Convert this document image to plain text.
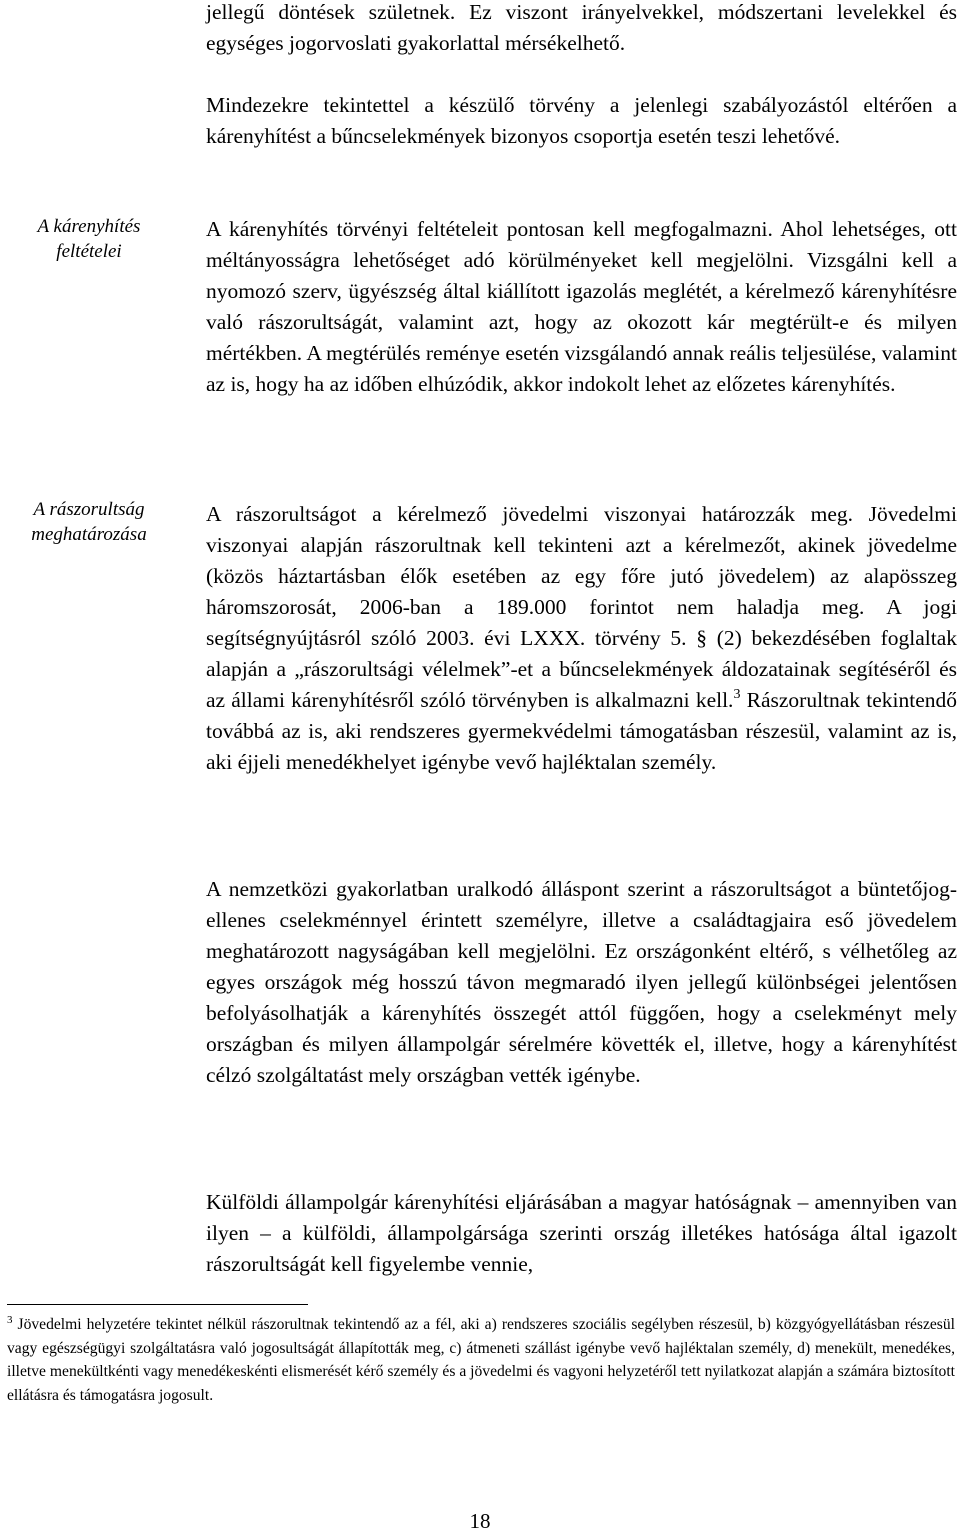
jellegű döntések születnek. Ez viszont irányelvekkel, módszertani levelekkel és egységes jogorvoslati gyakorlattal mérsékelhető.

Mindezekre tekintettel a készülő törvény a jelenlegi szabályozástól eltérően a kárenyhítést a bűncselekmények bizonyos csoportja esetén teszi lehetővé.

A kárenyhítés
feltételei

A kárenyhítés törvényi feltételeit pontosan kell megfogalmazni. Ahol lehetséges, ott méltányosságra lehetőséget adó körülményeket kell megjelölni. Vizsgálni kell a nyomozó szerv, ügyészség által kiállított igazolás meglétét, a kérelmező kárenyhítésre való rászorultságát, valamint azt, hogy az okozott kár megtérült-e és milyen mértékben. A megtérülés reménye esetén vizsgálandó annak reális teljesülése, valamint az is, hogy ha az időben elhúzódik, akkor indokolt lehet az előzetes kárenyhítés.

A rászorultság
meghatározása

A rászorultságot a kérelmező jövedelmi viszonyai határozzák meg. Jövedelmi viszonyai alapján rászorultnak kell tekinteni azt a kérelmezőt, akinek jövedelme (közös háztartásban élők esetében az egy főre jutó jövedelem) az alapösszeg háromszorosát, 2006-ban a 189.000 forintot nem haladja meg. A jogi segítségnyújtásról szóló 2003. évi LXXX. törvény 5. § (2) bekezdésében foglaltak alapján a „rászorultsági vélelmek”-et a bűncselekmények áldozatainak segítéséről és az állami kárenyhítésről szóló törvényben is alkalmazni kell.$^3$ Rászorultnak tekintendő továbbá az is, aki rendszeres gyermekvédelmi támogatásban részesül, valamint az is, aki éjjeli menedékhelyet igénybe vevő hajléktalan személy.

A nemzetközi gyakorlatban uralkodó álláspont szerint a rászorultságot a büntetőjog-ellenes cselekménnyel érintett személyre, illetve a családtagjaira eső jövedelem meghatározott nagyságában kell megjelölni. Ez országonként eltérő, s vélhetőleg az egyes országok még hosszú távon megmaradó ilyen jellegű különbségei jelentősen befolyásolhatják a kárenyhítés összegét attól függően, hogy a cselekményt mely országban és milyen állampolgár sérelmére követték el, illetve, hogy a kárenyhítést célzó szolgáltatást mely országban vették igénybe.

Külföldi állampolgár kárenyhítési eljárásában a magyar hatóságnak – amennyiben van ilyen – a külföldi, állampolgársága szerinti ország illetékes hatósága által igazolt rászorultságát kell figyelembe vennie,

$^3$ Jövedelmi helyzetére tekintet nélkül rászorultnak tekintendő az a fél, aki a) rendszeres szociális segélyben részesül, b) közgyógyellátásban részesül vagy egészségügyi szolgáltatásra való jogosultságát állapították meg, c) átmeneti szállást igénybe vevő hajléktalan személy, d) menekült, menedékes, illetve menekültkénti vagy menedékeskénti elismerését kérő személy és a jövedelmi és vagyoni helyzetéről tett nyilatkozat alapján a számára biztosított ellátásra és támogatásra jogosult.

18
